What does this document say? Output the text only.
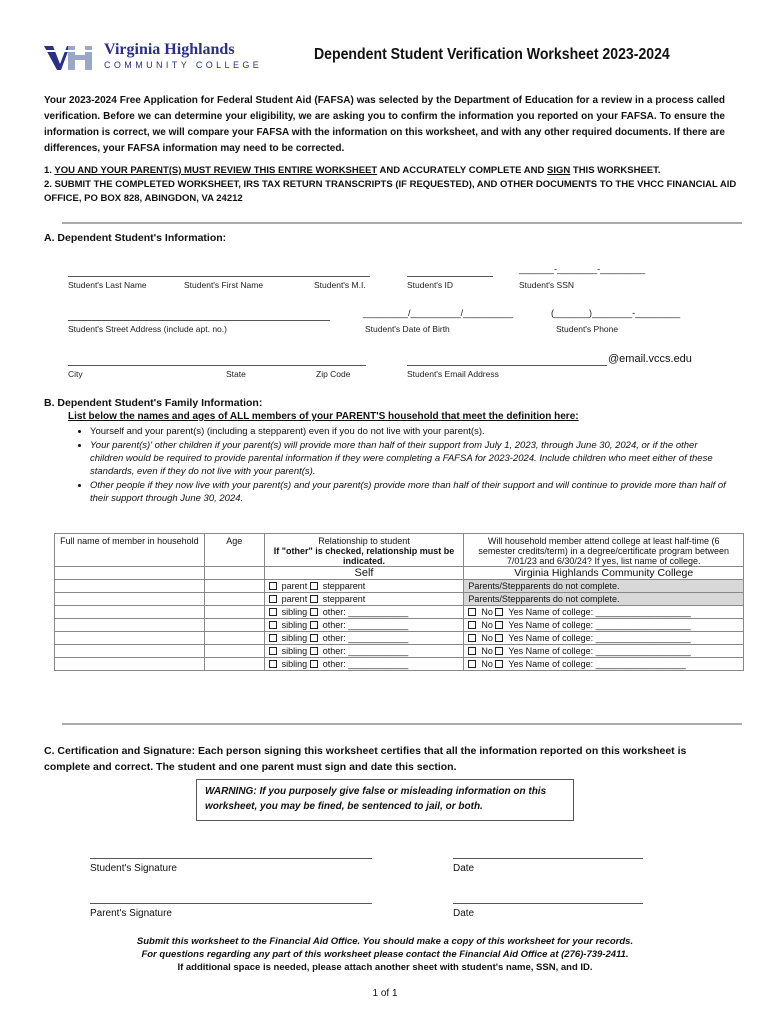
Virginia Highlands
COMMUNITY COLLEGE
Dependent Student Verification Worksheet 2023-2024
Your 2023-2024 Free Application for Federal Student Aid (FAFSA) was selected by the Department of Education for a review in a process called verification. Before we can determine your eligibility, we are asking you to confirm the information you reported on your FAFSA. To ensure the information is correct, we will compare your FAFSA with the information on this worksheet, and with any other required documents. If there are differences, your FAFSA information may need to be corrected.
1. YOU AND YOUR PARENT(S) MUST REVIEW THIS ENTIRE WORKSHEET AND ACCURATELY COMPLETE AND SIGN THIS WORKSHEET.
2. SUBMIT THE COMPLETED WORKSHEET, IRS TAX RETURN TRANSCRIPTS (IF REQUESTED), AND OTHER DOCUMENTS TO THE VHCC FINANCIAL AID OFFICE, PO BOX 828, ABINGDON, VA 24212
A. Dependent Student's Information:
Student's Last Name	Student's First Name	Student's M.I.	Student's ID
_______-________-_________
Student's SSN
Student's Street Address (include apt. no.)
_________/__________/__________
Student's Date of Birth
(_______)________-_________
Student's Phone
City	State	Zip Code
@email.vccs.edu
Student's Email Address
B. Dependent Student's Family Information:
List below the names and ages of ALL members of your PARENT'S household that meet the definition here:
• Yourself and your parent(s) (including a stepparent) even if you do not live with your parent(s).
• Your parent(s)' other children if your parent(s) will provide more than half of their support from July 1, 2023, through June 30, 2024, or if the other children would be required to provide parental information if they were completing a FAFSA for 2023-2024. Include children who meet either of these standards, even if they do not live with your parent(s).
• Other people if they now live with your parent(s) and your parent(s) provide more than half of their support and will continue to provide more than half of their support through June 30, 2024.
Full name of member in household	Age	Relationship to student
If "other" is checked, relationship must be indicated.	Will household member attend college at least half-time (6 semester credits/term) in a degree/certificate program between 7/01/23 and 6/30/24? If yes, list name of college.
		Self	Virginia Highlands Community College
		parent stepparent	Parents/Stepparents do not complete.
		parent stepparent	Parents/Stepparents do not complete.
		sibling other: ____________	No Yes Name of college: ___________________
		sibling other: ____________	No Yes Name of college: ___________________
		sibling other: ____________	No Yes Name of college: ___________________
		sibling other: ____________	No Yes Name of college: ___________________
		sibling other: ____________	No Yes Name of college: __________________
C. Certification and Signature: Each person signing this worksheet certifies that all the information reported on this worksheet is complete and correct. The student and one parent must sign and date this section.
WARNING: If you purposely give false or misleading information on this worksheet, you may be fined, be sentenced to jail, or both.
Student's Signature	Date
Parent's Signature	Date
Submit this worksheet to the Financial Aid Office. You should make a copy of this worksheet for your records.
For questions regarding any part of this worksheet please contact the Financial Aid Office at (276)-739-2411.
If additional space is needed, please attach another sheet with student's name, SSN, and ID.
1 of 1
